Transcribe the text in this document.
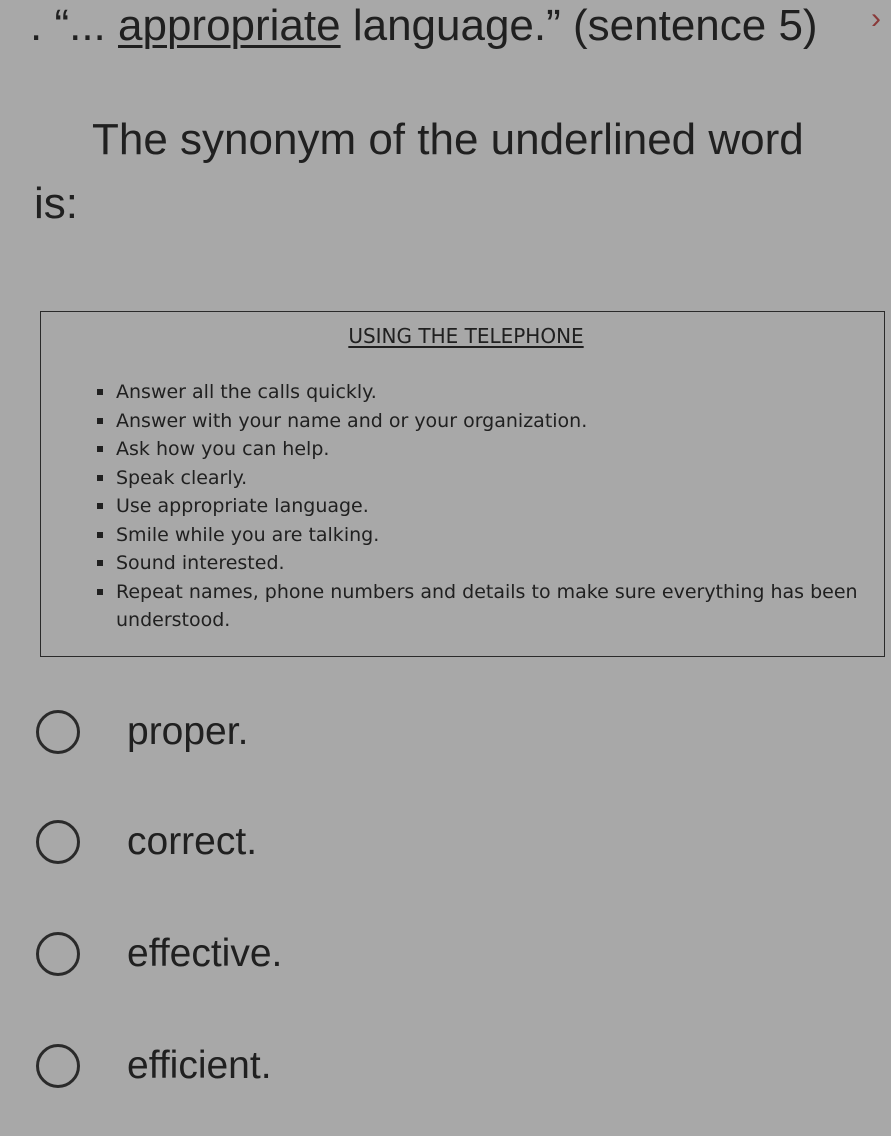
. “... appropriate language.” (sentence 5) ›
The synonym of the underlined word is:
USING THE TELEPHONE
Answer all the calls quickly.
Answer with your name and or your organization.
Ask how you can help.
Speak clearly.
Use appropriate language.
Smile while you are talking.
Sound interested.
Repeat names, phone numbers and details to make sure everything has been understood.
proper.
correct.
effective.
efficient.
